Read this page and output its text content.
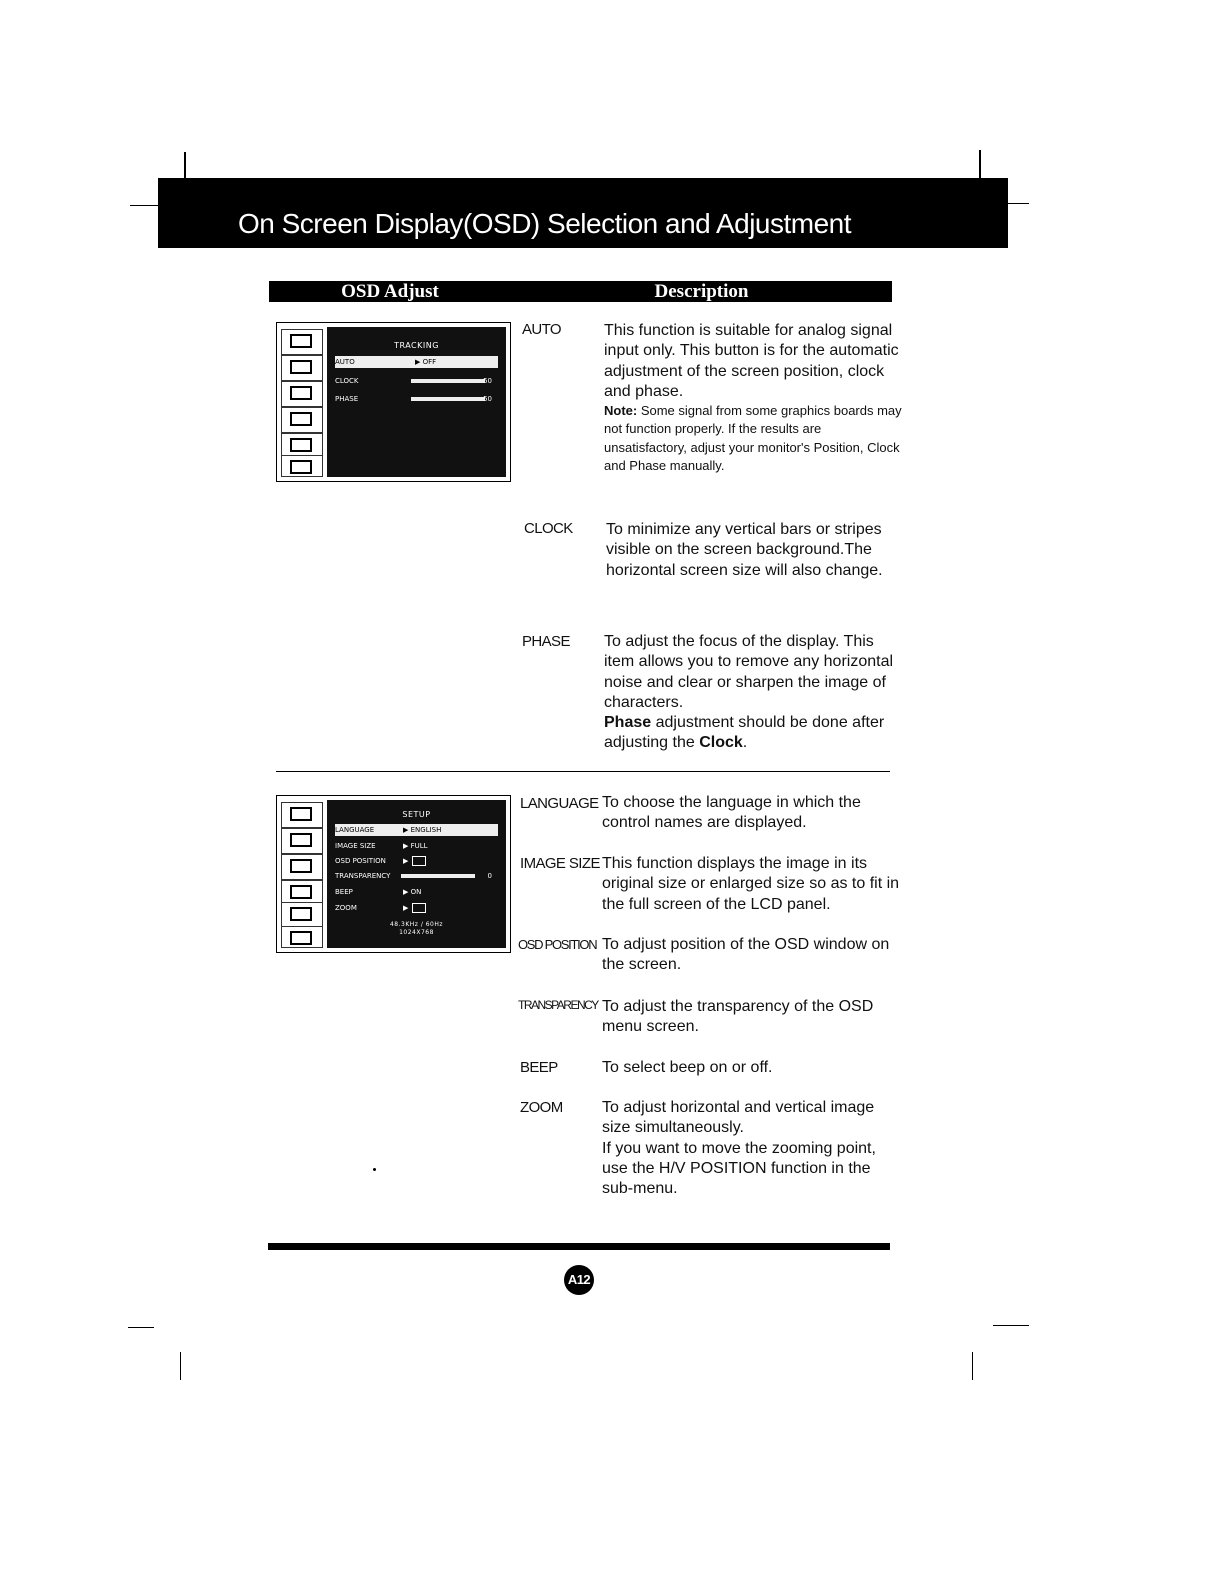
On Screen Display(OSD) Selection and Adjustment
OSD Adjust	Description
TRACKING
AUTO	▶ OFF
CLOCK	50
PHASE	50
AUTO	This function is suitable for analog signal input only. This button is for the automatic adjustment of the screen position, clock and phase.
Note: Some signal from some graphics boards may not function properly. If the results are unsatisfactory, adjust your monitor's Position, Clock and Phase manually.
CLOCK To minimize any vertical bars or stripes visible on the screen background.The horizontal screen size will also change.
PHASE To adjust the focus of the display. This item allows you to remove any horizontal noise and clear or sharpen the image of characters.
Phase adjustment should be done after adjusting the Clock.
SETUP
LANGUAGE	▶ ENGLISH
IMAGE SIZE	▶ FULL
OSD POSITION ▶
TRANSPARENCY	0
BEEP	▶ ON
ZOOM	▶
48.3KHz / 60Hz
1024X768
LANGUAGE To choose the language in which the control names are displayed.
IMAGE SIZE This function displays the image in its original size or enlarged size so as to fit in the full screen of the LCD panel.
OSD POSITION To adjust position of the OSD window on the screen.
TRANSPARENCY To adjust the transparency of the OSD menu screen.
BEEP	To select beep on or off.
ZOOM To adjust horizontal and vertical image size simultaneously.
If you want to move the zooming point, use the H/V POSITION function in the sub-menu.
A12
